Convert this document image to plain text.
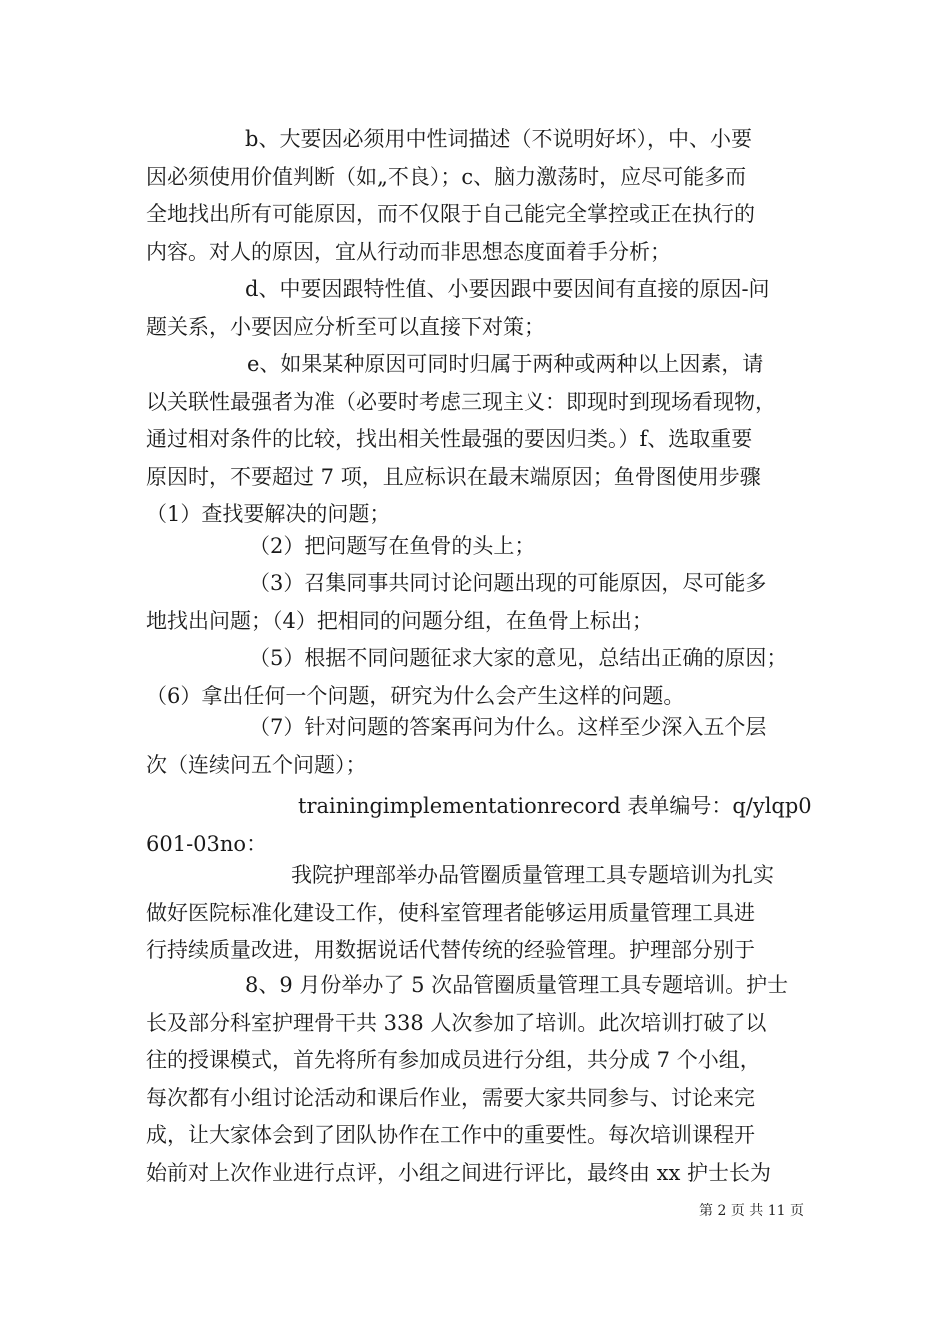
b、大要因必须用中性词描述（不说明好坏），中、小要
因必须使用价值判断（如„不良）；c、脑力激荡时，应尽可能多而
全地找出所有可能原因，而不仅限于自己能完全掌控或正在执行的
内容。对人的原因，宜从行动而非思想态度面着手分析；
d、中要因跟特性值、小要因跟中要因间有直接的原因-问
题关系，小要因应分析至可以直接下对策；
e、如果某种原因可同时归属于两种或两种以上因素，请
以关联性最强者为准（必要时考虑三现主义：即现时到现场看现物，
通过相对条件的比较，找出相关性最强的要因归类。）f、选取重要
原因时，不要超过 7 项，且应标识在最末端原因；鱼骨图使用步骤
（1）查找要解决的问题；
（2）把问题写在鱼骨的头上；
（3）召集同事共同讨论问题出现的可能原因，尽可能多
地找出问题；（4）把相同的问题分组，在鱼骨上标出；
（5）根据不同问题征求大家的意见，总结出正确的原因；
（6）拿出任何一个问题，研究为什么会产生这样的问题。
（7）针对问题的答案再问为什么。这样至少深入五个层
次（连续问五个问题）；
trainingimplementationrecord 表单编号：q/ylqp0
601-03no：
我院护理部举办品管圈质量管理工具专题培训为扎实
做好医院标准化建设工作，使科室管理者能够运用质量管理工具进
行持续质量改进，用数据说话代替传统的经验管理。护理部分别于
8、9 月份举办了 5 次品管圈质量管理工具专题培训。护士
长及部分科室护理骨干共 338 人次参加了培训。此次培训打破了以
往的授课模式，首先将所有参加成员进行分组，共分成 7 个小组，
每次都有小组讨论活动和课后作业，需要大家共同参与、讨论来完
成，让大家体会到了团队协作在工作中的重要性。每次培训课程开
始前对上次作业进行点评，小组之间进行评比，最终由 xx 护士长为
第 2 页 共 11 页
